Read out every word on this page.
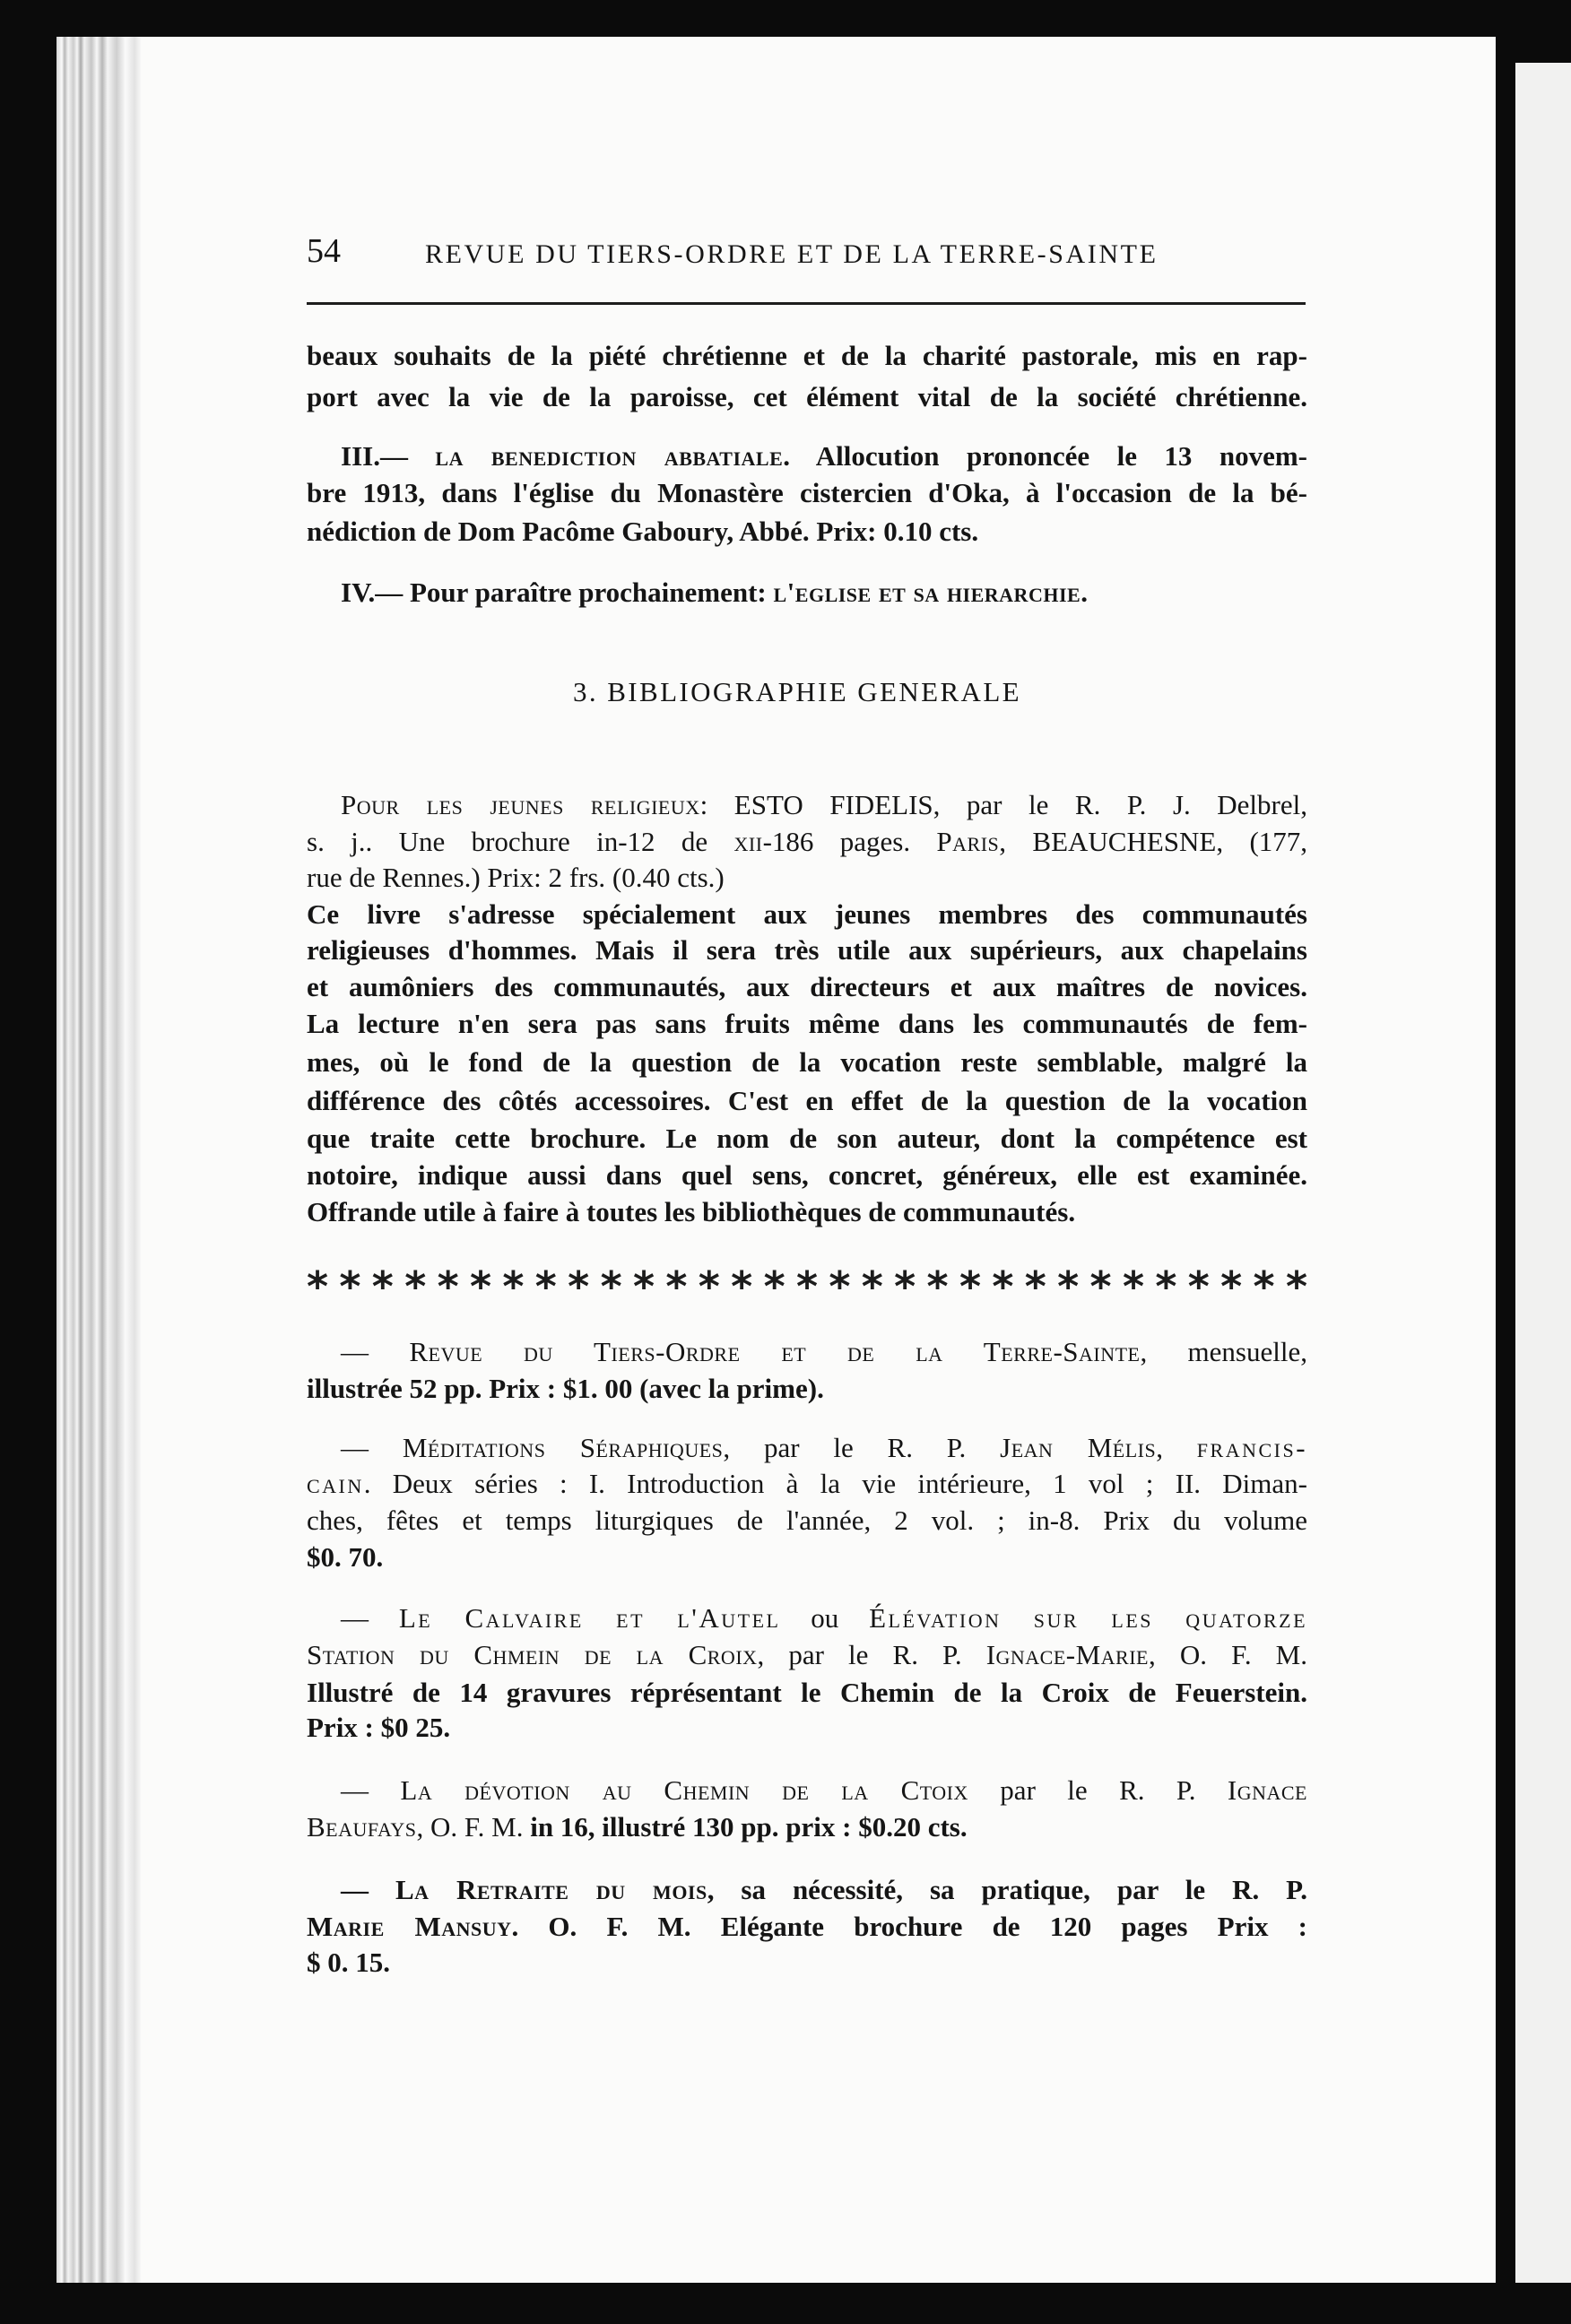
54	REVUE DU TIERS-ORDRE ET DE LA TERRE-SAINTE
beaux souhaits de la piété chrétienne et de la charité pastorale, mis en rap-
port avec la vie de la paroisse, cet élément vital de la société chrétienne.
III.— la benediction abbatiale. Allocution prononcée le 13 novem-
bre 1913, dans l'église du Monastère cistercien d'Oka, à l'occasion de la bé-
nédiction de Dom Pacôme Gaboury, Abbé. Prix: 0.10 cts.
IV.— Pour paraître prochainement: l'eglise et sa hierarchie.
3. BIBLIOGRAPHIE GENERALE
Pour les jeunes religieux: ESTO FIDELIS, par le R. P. J. Delbrel,
s. j.. Une brochure in-12 de xii-186 pages. Paris, BEAUCHESNE, (177,
rue de Rennes.) Prix: 2 frs. (0.40 cts.)
Ce livre s'adresse spécialement aux jeunes membres des communautés
religieuses d'hommes. Mais il sera très utile aux supérieurs, aux chapelains
et aumôniers des communautés, aux directeurs et aux maîtres de novices.
La lecture n'en sera pas sans fruits même dans les communautés de fem-
mes, où le fond de la question de la vocation reste semblable, malgré la
différence des côtés accessoires. C'est en effet de la question de la vocation
que traite cette brochure. Le nom de son auteur, dont la compétence est
notoire, indique aussi dans quel sens, concret, généreux, elle est examinée.
Offrande utile à faire à toutes les bibliothèques de communautés.
* * * * * * * * * * * * * * * * * * * * * * * * * * * * * * *
— Revue du Tiers-Ordre et de la Terre-Sainte, mensuelle,
illustrée 52 pp. Prix : $1. 00 (avec la prime).
— Méditations Séraphiques, par le R. P. Jean Mélis, francis-
cain. Deux séries : I. Introduction à la vie intérieure, 1 vol ; II. Diman-
ches, fêtes et temps liturgiques de l'année, 2 vol. ; in-8. Prix du volume
$0. 70.
— Le Calvaire et l'Autel ou Élévation sur les quatorze
Station du Chmein de la Croix, par le R. P. Ignace-Marie, O. F. M.
Illustré de 14 gravures réprésentant le Chemin de la Croix de Feuerstein.
Prix : $0 25.
— La dévotion au Chemin de la Ctoix par le R. P. Ignace
Beaufays, O. F. M. in 16, illustré 130 pp. prix : $0.20 cts.
— La Retraite du mois, sa nécessité, sa pratique, par le R. P.
Marie Mansuy. O. F. M. Elégante brochure de 120 pages Prix :
$ 0. 15.
